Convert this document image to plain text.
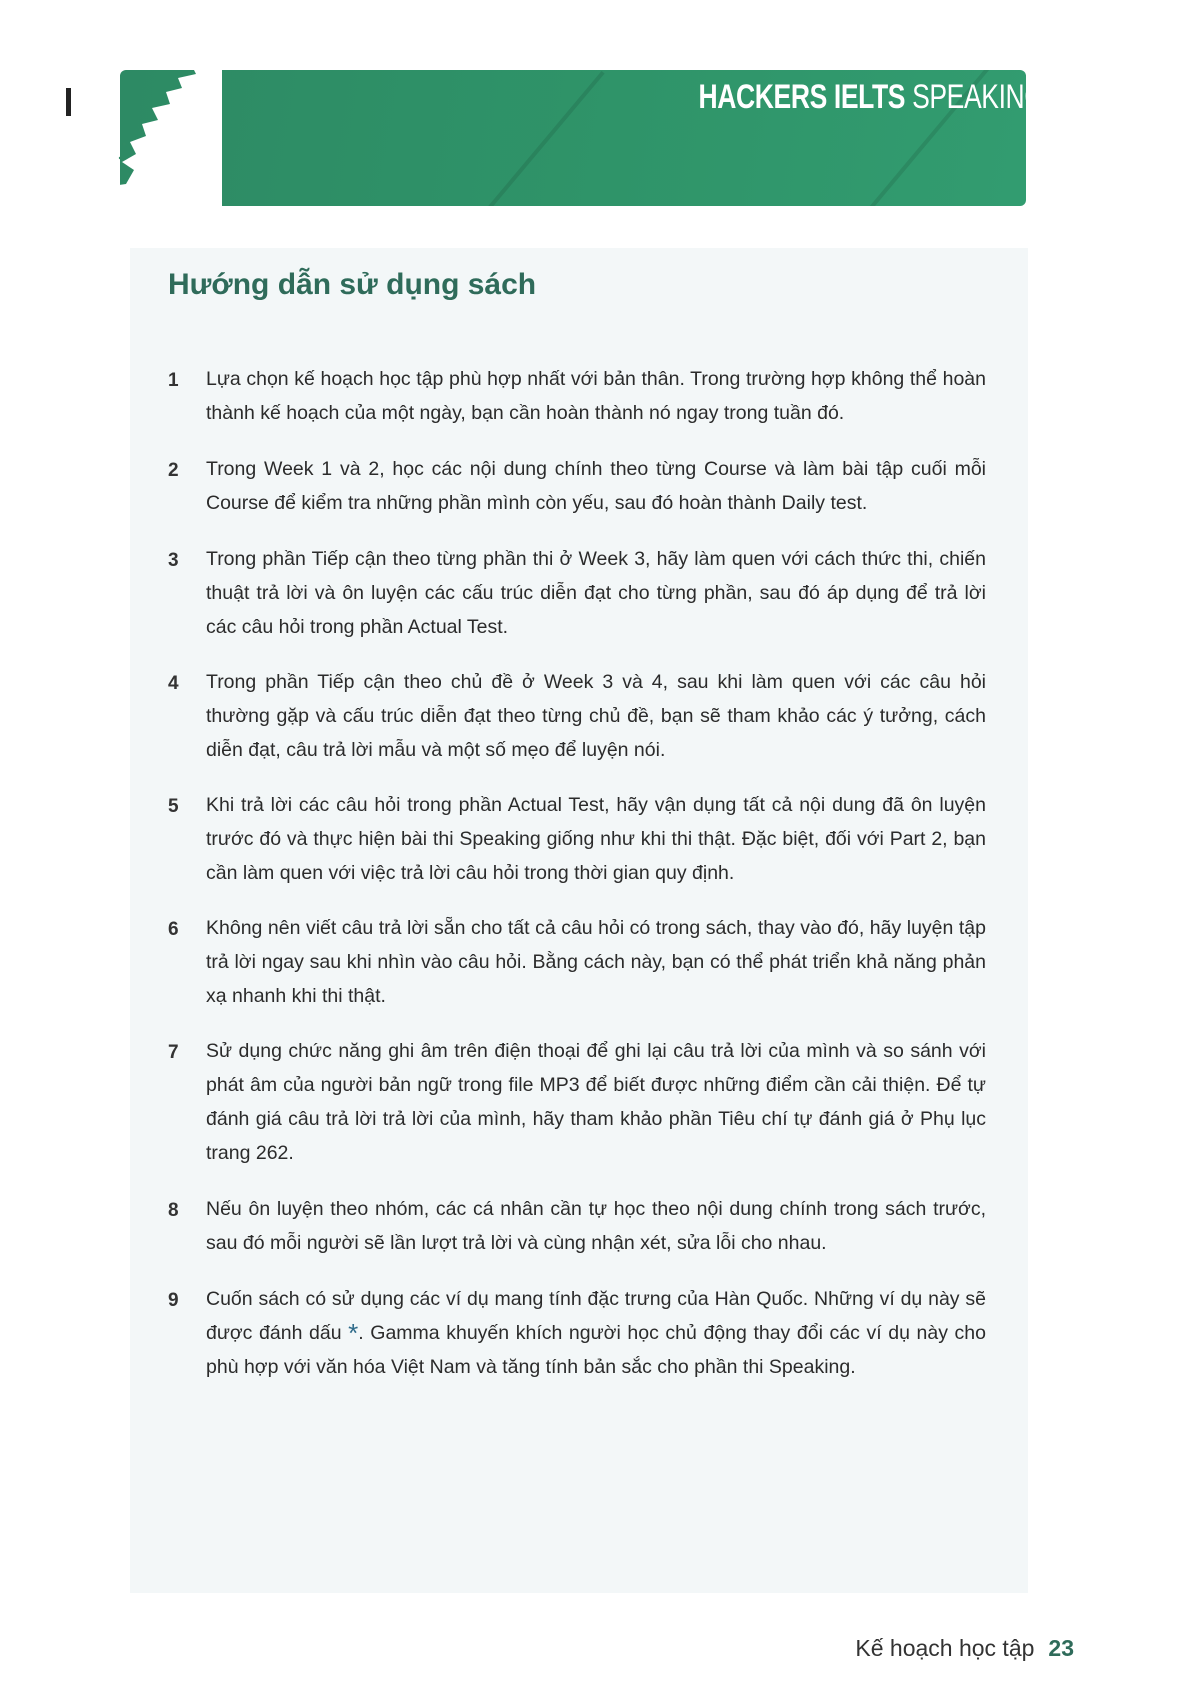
HACKERS IELTS SPEAKING BASIC
Hướng dẫn sử dụng sách
1	Lựa chọn kế hoạch học tập phù hợp nhất với bản thân. Trong trường hợp không thể hoàn thành kế hoạch của một ngày, bạn cần hoàn thành nó ngay trong tuần đó.
2	Trong Week 1 và 2, học các nội dung chính theo từng Course và làm bài tập cuối mỗi Course để kiểm tra những phần mình còn yếu, sau đó hoàn thành Daily test.
3	Trong phần Tiếp cận theo từng phần thi ở Week 3, hãy làm quen với cách thức thi, chiến thuật trả lời và ôn luyện các cấu trúc diễn đạt cho từng phần, sau đó áp dụng để trả lời các câu hỏi trong phần Actual Test.
4	Trong phần Tiếp cận theo chủ đề ở Week 3 và 4, sau khi làm quen với các câu hỏi thường gặp và cấu trúc diễn đạt theo từng chủ đề, bạn sẽ tham khảo các ý tưởng, cách diễn đạt, câu trả lời mẫu và một số mẹo để luyện nói.
5	Khi trả lời các câu hỏi trong phần Actual Test, hãy vận dụng tất cả nội dung đã ôn luyện trước đó và thực hiện bài thi Speaking giống như khi thi thật. Đặc biệt, đối với Part 2, bạn cần làm quen với việc trả lời câu hỏi trong thời gian quy định.
6	Không nên viết câu trả lời sẵn cho tất cả câu hỏi có trong sách, thay vào đó, hãy luyện tập trả lời ngay sau khi nhìn vào câu hỏi. Bằng cách này, bạn có thể phát triển khả năng phản xạ nhanh khi thi thật.
7	Sử dụng chức năng ghi âm trên điện thoại để ghi lại câu trả lời của mình và so sánh với phát âm của người bản ngữ trong file MP3 để biết được những điểm cần cải thiện. Để tự đánh giá câu trả lời trả lời của mình, hãy tham khảo phần Tiêu chí tự đánh giá ở Phụ lục trang 262.
8	Nếu ôn luyện theo nhóm, các cá nhân cần tự học theo nội dung chính trong sách trước, sau đó mỗi người sẽ lần lượt trả lời và cùng nhận xét, sửa lỗi cho nhau.
9	Cuốn sách có sử dụng các ví dụ mang tính đặc trưng của Hàn Quốc. Những ví dụ này sẽ được đánh dấu *. Gamma khuyến khích người học chủ động thay đổi các ví dụ này cho phù hợp với văn hóa Việt Nam và tăng tính bản sắc cho phần thi Speaking.
Kế hoạch học tập 23
